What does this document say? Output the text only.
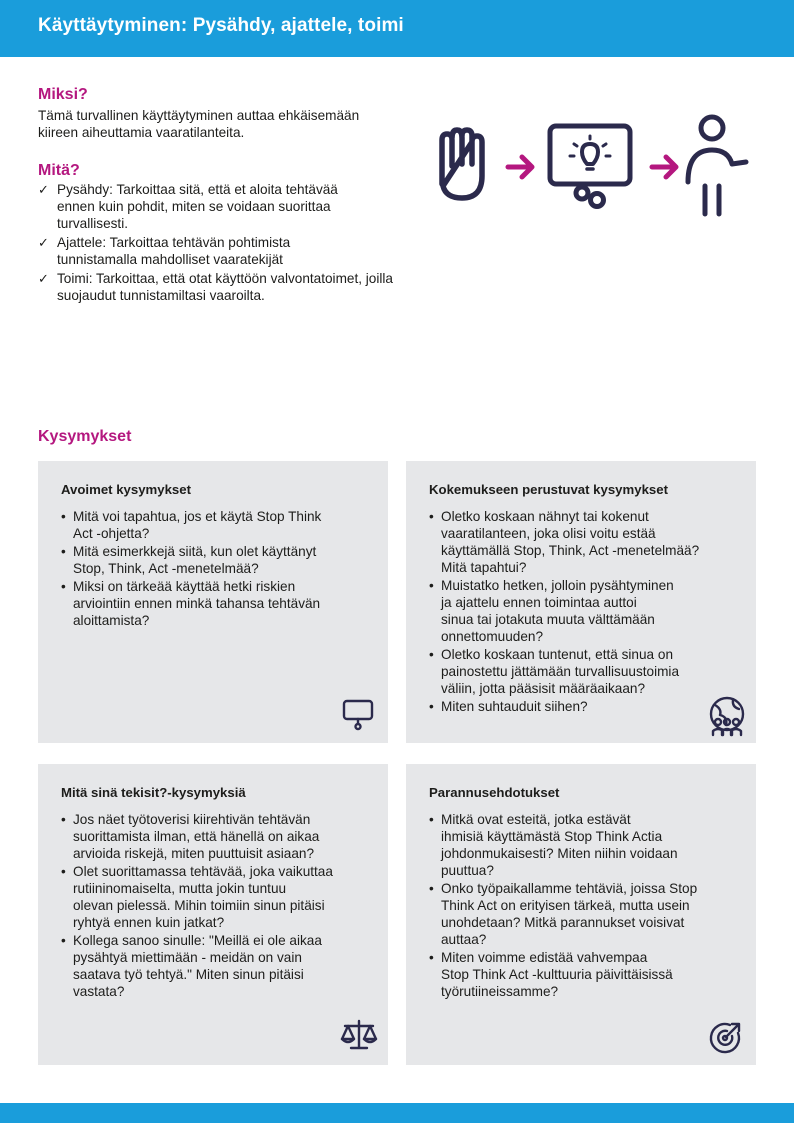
Käyttäytyminen: Pysähdy, ajattele, toimi
Miksi?

Tämä turvallinen käyttäytyminen auttaa ehkäisemään
kiireen aiheuttamia vaaratilanteita.

Mitä?
✓ Pysähdy: Tarkoittaa sitä, että et aloita tehtävää
ennen kuin pohdit, miten se voidaan suorittaa
turvallisesti.
✓ Ajattele: Tarkoittaa tehtävän pohtimista
tunnistamalla mahdolliset vaaratekijät
✓ Toimi: Tarkoittaa, että otat käyttöön valvontatoimet, joilla
suojaudut tunnistamiltasi vaaroilta.
Kysymykset
Avoimet kysymykset
• Mitä voi tapahtua, jos et käytä Stop Think
Act -ohjetta?
• Mitä esimerkkejä siitä, kun olet käyttänyt
Stop, Think, Act -menetelmää?
• Miksi on tärkeää käyttää hetki riskien
arviointiin ennen minkä tahansa tehtävän
aloittamista?
Kokemukseen perustuvat kysymykset
• Oletko koskaan nähnyt tai kokenut
vaaratilanteen, joka olisi voitu estää
käyttämällä Stop, Think, Act -menetelmää?
Mitä tapahtui?
• Muistatko hetken, jolloin pysähtyminen
ja ajattelu ennen toimintaa auttoi
sinua tai jotakuta muuta välttämään
onnettomuuden?
• Oletko koskaan tuntenut, että sinua on
painostettu jättämään turvallisuustoimia
väliin, jotta pääsisit määräaikaan?
• Miten suhtauduit siihen?
Mitä sinä tekisit?-kysymyksiä
• Jos näet työtoverisi kiirehtivän tehtävän
suorittamista ilman, että hänellä on aikaa
arvioida riskejä, miten puuttuisit asiaan?
• Olet suorittamassa tehtävää, joka vaikuttaa
rutiininomaiselta, mutta jokin tuntuu
olevan pielessä. Mihin toimiin sinun pitäisi
ryhtyä ennen kuin jatkat?
• Kollega sanoo sinulle: "Meillä ei ole aikaa
pysähtyä miettimään - meidän on vain
saatava työ tehtyä." Miten sinun pitäisi
vastata?
Parannusehdotukset
• Mitkä ovat esteitä, jotka estävät
ihmisiä käyttämästä Stop Think Actia
johdonmukaisesti? Miten niihin voidaan
puuttua?
• Onko työpaikallamme tehtäviä, joissa Stop
Think Act on erityisen tärkeä, mutta usein
unohdetaan? Mitkä parannukset voisivat
auttaa?
• Miten voimme edistää vahvempaa
Stop Think Act -kulttuuria päivittäisissä
työrutiineissamme?
